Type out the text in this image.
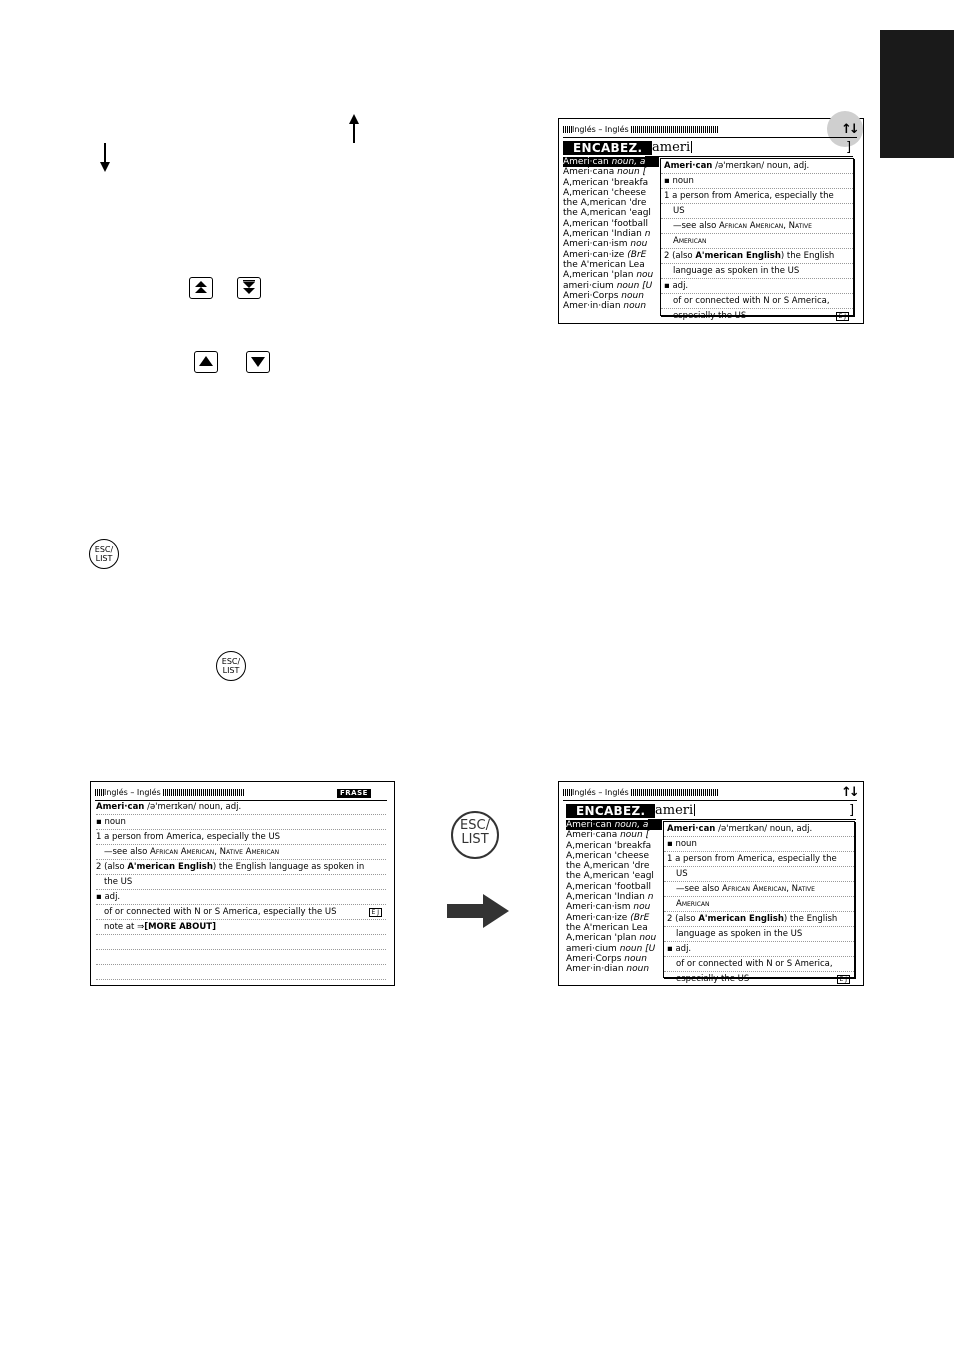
ESC/
LIST
ESC/
LIST
Inglés – Inglés	↑↓
ENCABEZ. [ ameri	]
Ameri·can noun, a
Ameri·cana noun [
A,merican 'breakfa
A,merican 'cheese
the A,merican 'dre
the A,merican 'eagl
A,merican 'football
A,merican 'Indian n
Ameri·can·ism nou
Ameri·can·ize (BrE
the A'merican Lea
A,merican 'plan nou
ameri·cium noun [U
Ameri·Corps noun
Amer·in·dian noun
Ameri·can /ə'merɪkən/ noun, adj.
▪ noun
1 a person from America, especially the
US
—see also African American, Native
American
2 (also A'merican English) the English
language as spoken in the US
▪ adj.
of or connected with N or S America,
especially the US	E J
Inglés – Inglés	FRASE
Ameri·can /ə'merɪkən/ noun, adj.
▪ noun
1 a person from America, especially the US
—see also African American, Native American
2 (also A'merican English) the English language as spoken in
the US
▪ adj.
of or connected with N or S America, especially the US	E J
note at ⇒[MORE ABOUT]
ESC/
LIST
Inglés – Inglés	↑↓
ENCABEZ. [ ameri	]
Ameri·can noun, a
Ameri·cana noun [
A,merican 'breakfa
A,merican 'cheese
the A,merican 'dre
the A,merican 'eagl
A,merican 'football
A,merican 'Indian n
Ameri·can·ism nou
Ameri·can·ize (BrE
the A'merican Lea
A,merican 'plan nou
ameri·cium noun [U
Ameri·Corps noun
Amer·in·dian noun
Ameri·can /ə'merɪkən/ noun, adj.
▪ noun
1 a person from America, especially the
US
—see also African American, Native
American
2 (also A'merican English) the English
language as spoken in the US
▪ adj.
of or connected with N or S America,
especially the US	E J
